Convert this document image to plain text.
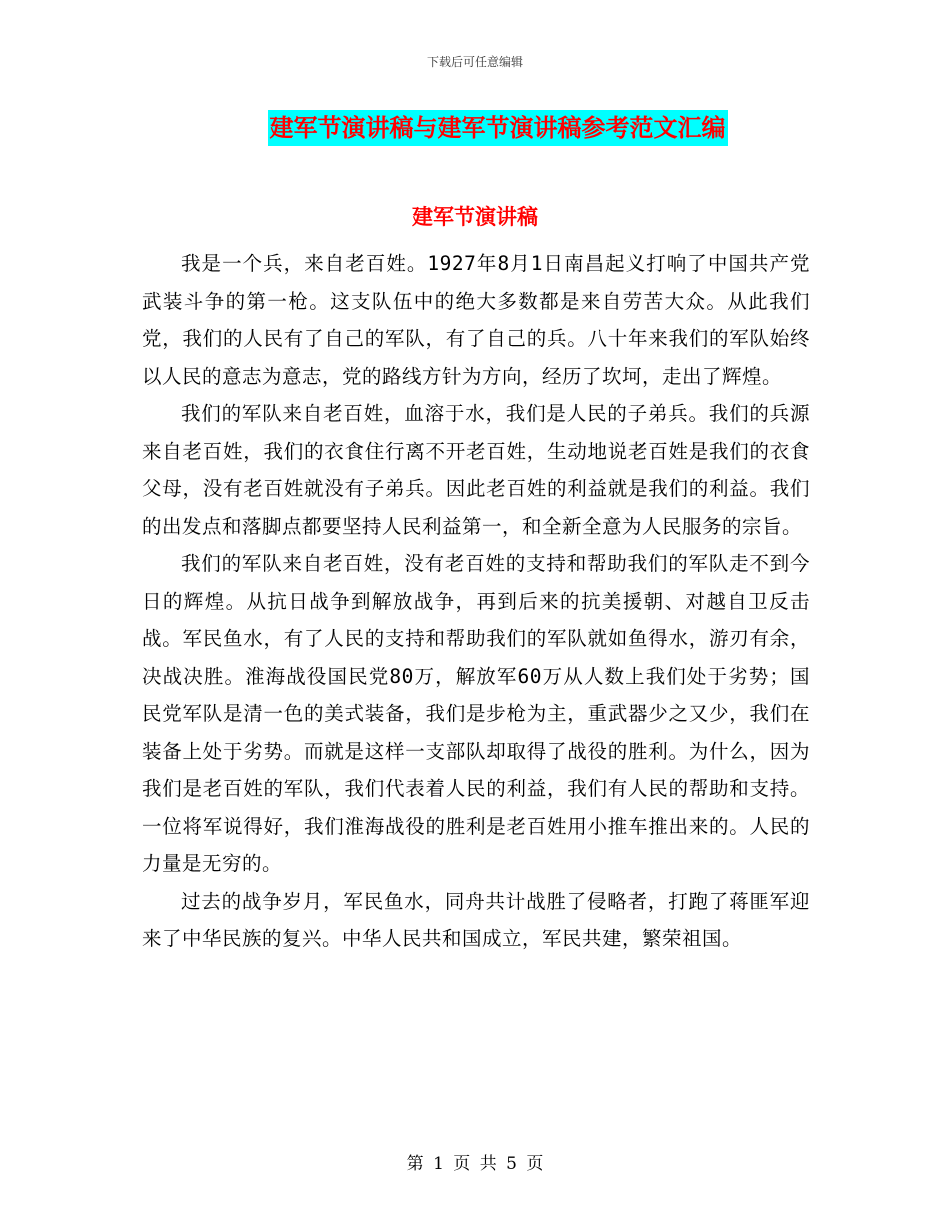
下载后可任意编辑
建军节演讲稿与建军节演讲稿参考范文汇编
建军节演讲稿

我是一个兵，来自老百姓。1927年8月1日南昌起义打响了中国共产党武装斗争的第一枪。这支队伍中的绝大多数都是来自劳苦大众。从此我们党，我们的人民有了自己的军队，有了自己的兵。八十年来我们的军队始终以人民的意志为意志，党的路线方针为方向，经历了坎坷，走出了辉煌。

我们的军队来自老百姓，血溶于水，我们是人民的子弟兵。我们的兵源来自老百姓，我们的衣食住行离不开老百姓，生动地说老百姓是我们的衣食父母，没有老百姓就没有子弟兵。因此老百姓的利益就是我们的利益。我们的出发点和落脚点都要坚持人民利益第一，和全新全意为人民服务的宗旨。

我们的军队来自老百姓，没有老百姓的支持和帮助我们的军队走不到今日的辉煌。从抗日战争到解放战争，再到后来的抗美援朝、对越自卫反击战。军民鱼水，有了人民的支持和帮助我们的军队就如鱼得水，游刃有余，决战决胜。淮海战役国民党80万，解放军60万从人数上我们处于劣势；国民党军队是清一色的美式装备，我们是步枪为主，重武器少之又少，我们在装备上处于劣势。而就是这样一支部队却取得了战役的胜利。为什么，因为我们是老百姓的军队，我们代表着人民的利益，我们有人民的帮助和支持。一位将军说得好，我们淮海战役的胜利是老百姓用小推车推出来的。人民的力量是无穷的。

过去的战争岁月，军民鱼水，同舟共计战胜了侵略者，打跑了蒋匪军迎来了中华民族的复兴。中华人民共和国成立，军民共建，繁荣祖国。

第 1 页 共 5 页
